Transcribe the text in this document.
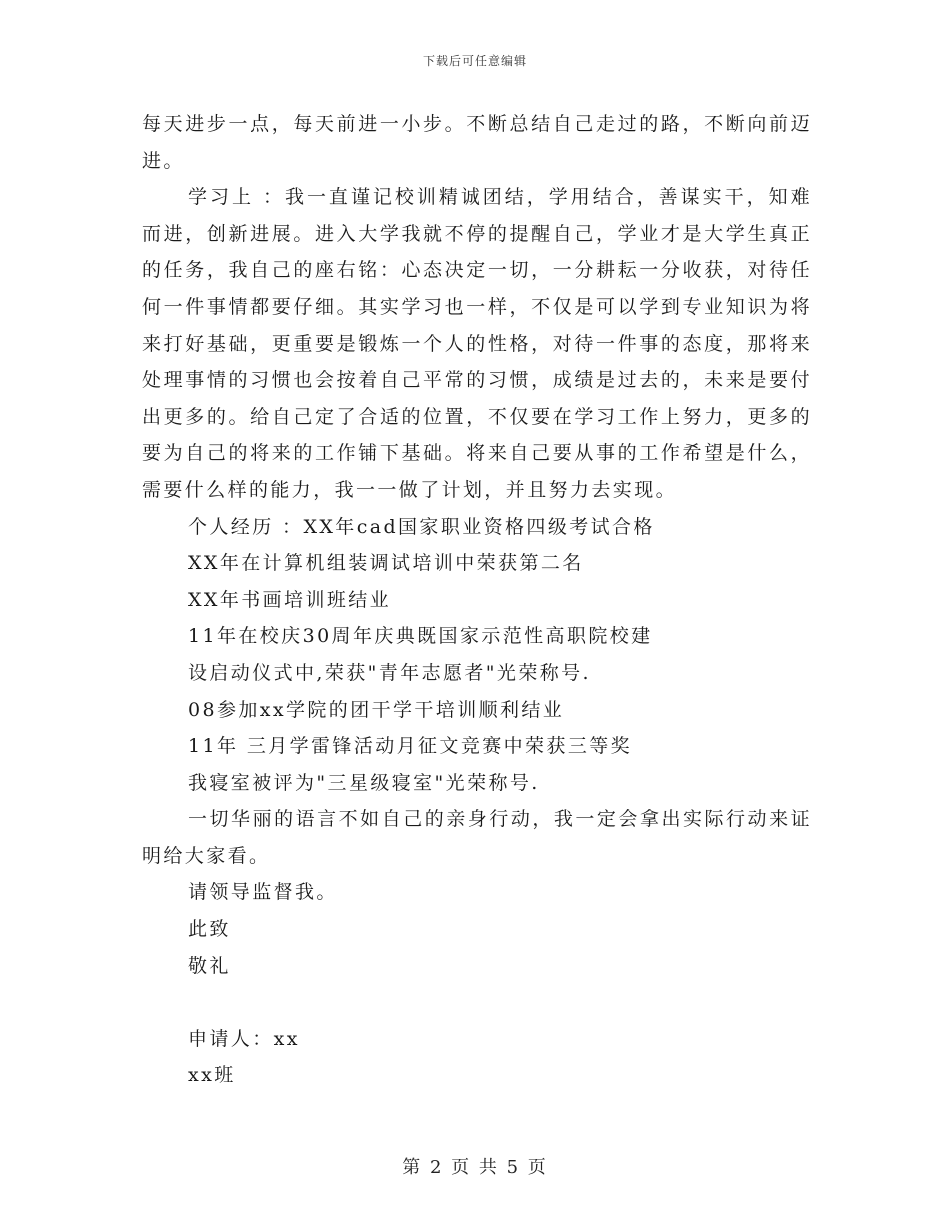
下载后可任意编辑

每天进步一点，每天前进一小步。不断总结自己走过的路，不断向前迈进。

学习上 ：我一直谨记校训精诚团结，学用结合，善谋实干，知难而进，创新进展。进入大学我就不停的提醒自己，学业才是大学生真正的任务，我自己的座右铭：心态决定一切，一分耕耘一分收获，对待任何一件事情都要仔细。其实学习也一样，不仅是可以学到专业知识为将来打好基础，更重要是锻炼一个人的性格，对待一件事的态度，那将来处理事情的习惯也会按着自己平常的习惯，成绩是过去的，未来是要付出更多的。给自己定了合适的位置，不仅要在学习工作上努力，更多的要为自己的将来的工作铺下基础。将来自己要从事的工作希望是什么，需要什么样的能力，我一一做了计划，并且努力去实现。

个人经历 ：XX年cad国家职业资格四级考试合格

XX年在计算机组装调试培训中荣获第二名

XX年书画培训班结业

11年在校庆30周年庆典既国家示范性高职院校建

设启动仪式中,荣获"青年志愿者"光荣称号.

08参加xx学院的团干学干培训顺利结业

11年 三月学雷锋活动月征文竞赛中荣获三等奖

我寝室被评为"三星级寝室"光荣称号.

一切华丽的语言不如自己的亲身行动，我一定会拿出实际行动来证明给大家看。

请领导监督我。

此致

敬礼

申请人：xx

xx班

第 2 页 共 5 页
